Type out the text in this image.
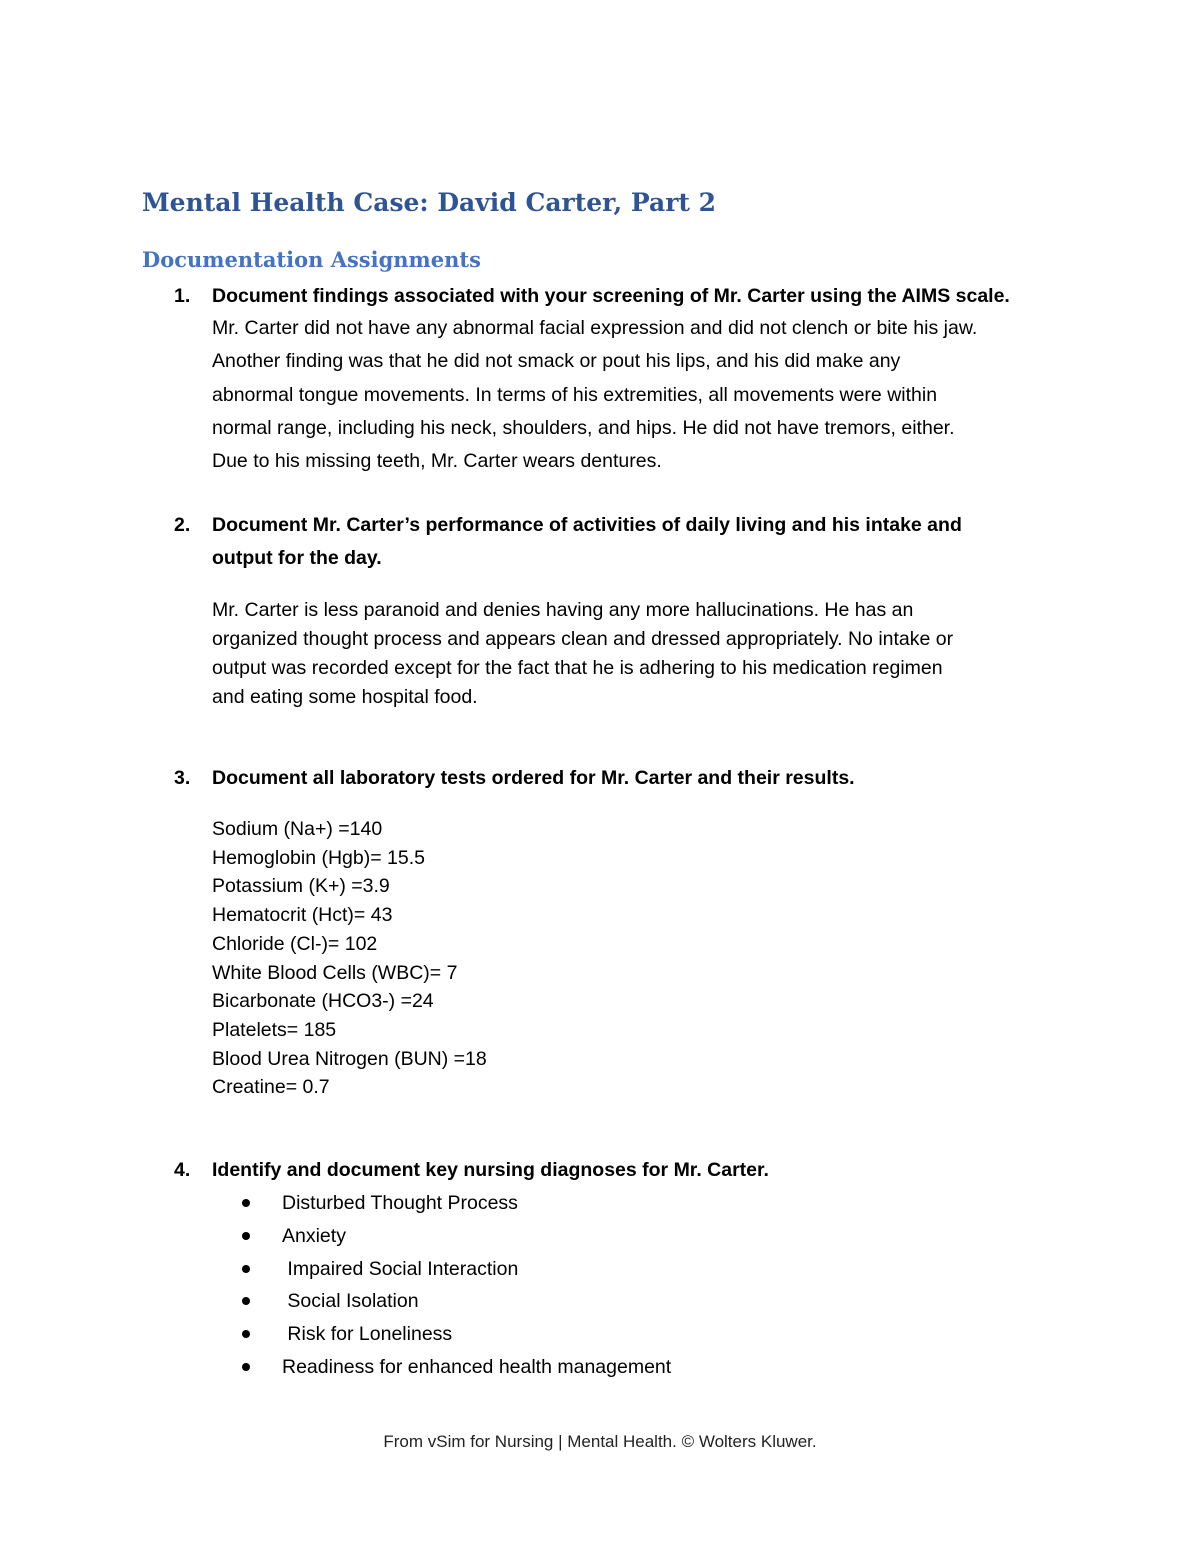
Mental Health Case: David Carter, Part 2
Documentation Assignments
1.	Document findings associated with your screening of Mr. Carter using the AIMS scale.
Mr. Carter did not have any abnormal facial expression and did not clench or bite his jaw.
Another finding was that he did not smack or pout his lips, and his did make any
abnormal tongue movements. In terms of his extremities, all movements were within
normal range, including his neck, shoulders, and hips. He did not have tremors, either.
Due to his missing teeth, Mr. Carter wears dentures.
2.	Document Mr. Carter’s performance of activities of daily living and his intake and
output for the day.
Mr. Carter is less paranoid and denies having any more hallucinations. He has an
organized thought process and appears clean and dressed appropriately. No intake or
output was recorded except for the fact that he is adhering to his medication regimen
and eating some hospital food.
3.	Document all laboratory tests ordered for Mr. Carter and their results.
Sodium (Na+) =140
Hemoglobin (Hgb)= 15.5
Potassium (K+) =3.9
Hematocrit (Hct)= 43
Chloride (Cl-)= 102
White Blood Cells (WBC)= 7
Bicarbonate (HCO3-) =24
Platelets= 185
Blood Urea Nitrogen (BUN) =18
Creatine= 0.7
4.	Identify and document key nursing diagnoses for Mr. Carter.
Disturbed Thought Process
Anxiety
Impaired Social Interaction
Social Isolation
Risk for Loneliness
Readiness for enhanced health management
From vSim for Nursing | Mental Health. © Wolters Kluwer.
